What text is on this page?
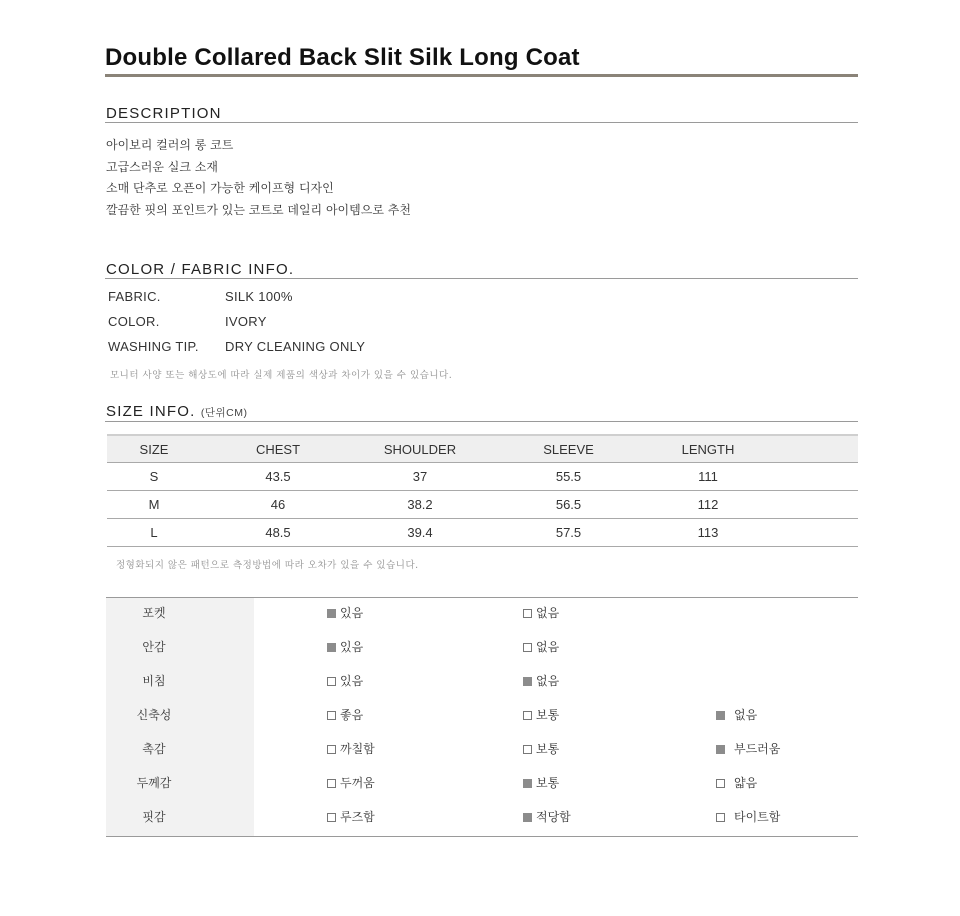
Double Collared Back Slit Silk Long Coat
DESCRIPTION
아이보리 컬러의 롱 코트
고급스러운 실크 소재
소매 단추로 오픈이 가능한 케이프형 디자인
깔끔한 핏의 포인트가 있는 코트로 데일리 아이템으로 추천
COLOR / FABRIC INFO.
FABRIC.	SILK 100%
COLOR.	IVORY
WASHING TIP. DRY CLEANING ONLY
모니터 사양 또는 해상도에 따라 실제 제품의 색상과 차이가 있을 수 있습니다.
SIZE INFO. (단위CM)
SIZE	CHEST	SHOULDER	SLEEVE	LENGTH	
S	43.5	37	55.5	111	
M	46	38.2	56.5	112	
L	48.5	39.4	57.5	113	
정형화되지 않은 패턴으로 측정방법에 따라 오차가 있을 수 있습니다.
포켓	있음	없음
안감	있음	없음
비침	있음	없음
신축성	좋음	보통	없음
촉감	까칠함	보통	부드러움
두께감	두꺼움	보통	얇음
핏감	루즈함	적당함	타이트함
